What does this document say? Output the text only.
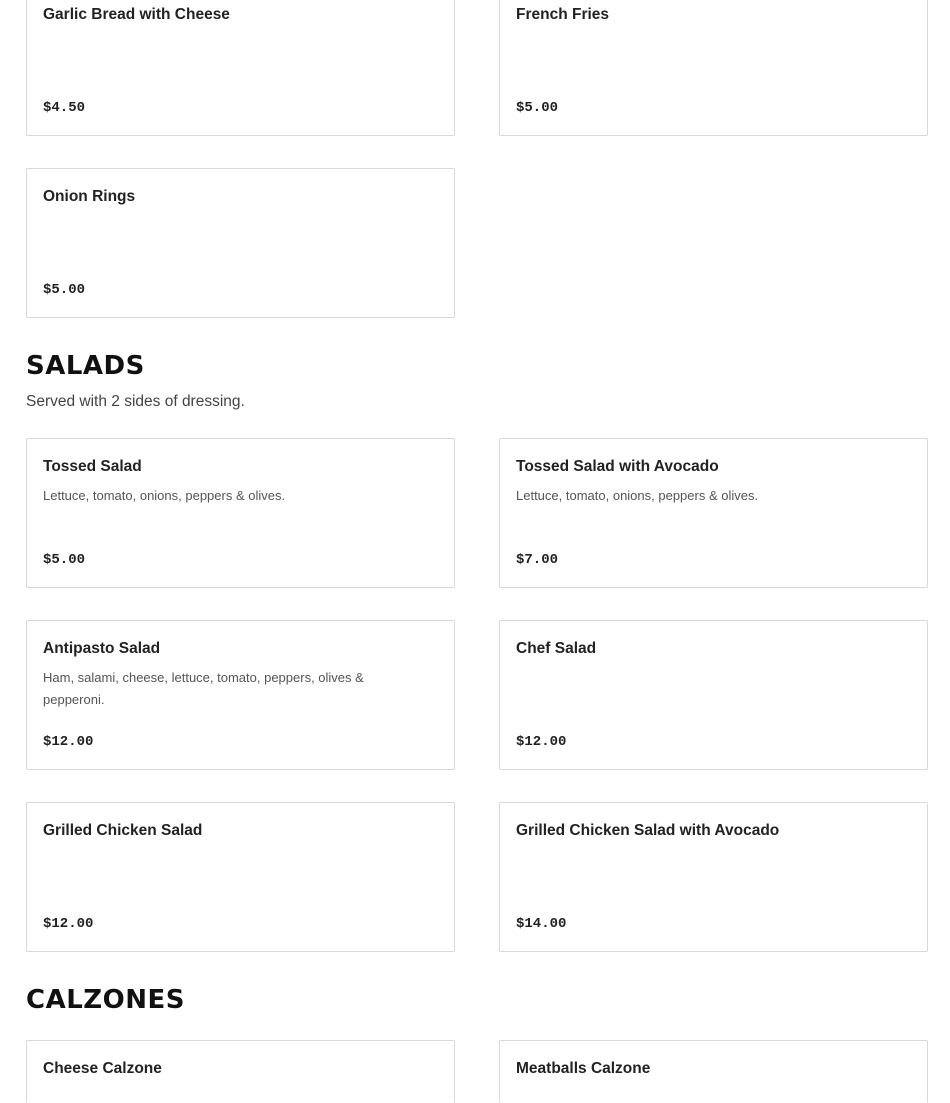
Garlic Bread with Cheese
$4.50
French Fries
$5.00
Onion Rings
$5.00
SALADS

Served with 2 sides of dressing.

Tossed Salad
Lettuce, tomato, onions, peppers & olives.
$5.00
Tossed Salad with Avocado
Lettuce, tomato, onions, peppers & olives.
$7.00
Antipasto Salad
Ham, salami, cheese, lettuce, tomato, peppers, olives & pepperoni.
$12.00
Chef Salad
$12.00
Grilled Chicken Salad
$12.00
Grilled Chicken Salad with Avocado
$14.00
CALZONES
Cheese Calzone	Meatballs Calzone
